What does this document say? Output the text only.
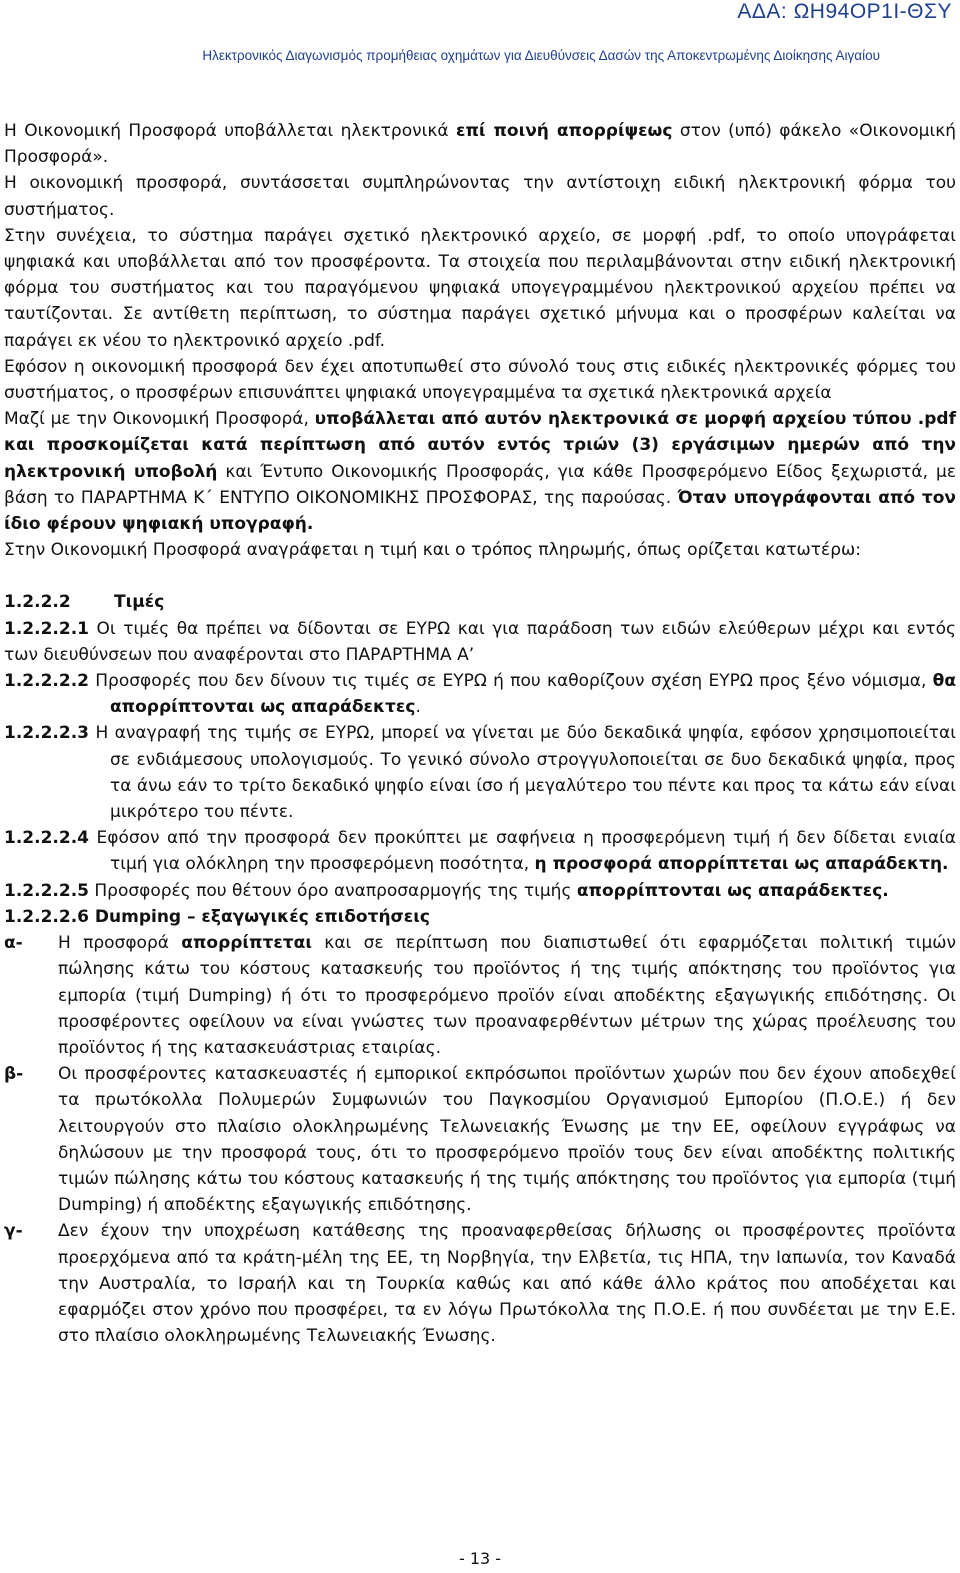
ΑΔΑ: ΩΗ94ΟΡ1Ι-ΘΣΥ
Ηλεκτρονικός Διαγωνισμός προμήθειας οχημάτων για Διευθύνσεις Δασών της Αποκεντρωμένης Διοίκησης Αιγαίου

Η Οικονομική Προσφορά υποβάλλεται ηλεκτρονικά επί ποινή απορρίψεως στον (υπό) φάκελο «Οικονομική Προσφορά».

Η οικονομική προσφορά, συντάσσεται συμπληρώνοντας την αντίστοιχη ειδική ηλεκτρονική φόρμα του συστήματος.

Στην συνέχεια, το σύστημα παράγει σχετικό ηλεκτρονικό αρχείο, σε μορφή .pdf, το οποίο υπογράφεται ψηφιακά και υποβάλλεται από τον προσφέροντα. Τα στοιχεία που περιλαμβάνονται στην ειδική ηλεκτρονική φόρμα του συστήματος και του παραγόμενου ψηφιακά υπογεγραμμένου ηλεκτρονικού αρχείου πρέπει να ταυτίζονται. Σε αντίθετη περίπτωση, το σύστημα παράγει σχετικό μήνυμα και ο προσφέρων καλείται να παράγει εκ νέου το ηλεκτρονικό αρχείο .pdf.

Εφόσον η οικονομική προσφορά δεν έχει αποτυπωθεί στο σύνολό τους στις ειδικές ηλεκτρονικές φόρμες του συστήματος, ο προσφέρων επισυνάπτει ψηφιακά υπογεγραμμένα τα σχετικά ηλεκτρονικά αρχεία

Μαζί με την Οικονομική Προσφορά, υποβάλλεται από αυτόν ηλεκτρονικά σε μορφή αρχείου τύπου .pdf και προσκομίζεται κατά περίπτωση από αυτόν εντός τριών (3) εργάσιμων ημερών από την ηλεκτρονική υποβολή και Έντυπο Οικονομικής Προσφοράς, για κάθε Προσφερόμενο Είδος ξεχωριστά, με βάση το ΠΑΡΑΡΤΗΜΑ Κ΄ ΕΝΤΥΠΟ ΟΙΚΟΝΟΜΙΚΗΣ ΠΡΟΣΦΟΡΑΣ, της παρούσας. Όταν υπογράφονται από τον ίδιο φέρουν ψηφιακή υπογραφή.

Στην Οικονομική Προσφορά αναγράφεται η τιμή και ο τρόπος πληρωμής, όπως ορίζεται κατωτέρω:

1.2.2.2	Τιμές

1.2.2.2.1 Οι τιμές θα πρέπει να δίδονται σε ΕΥΡΩ και για παράδοση των ειδών ελεύθερων μέχρι και εντός των διευθύνσεων που αναφέρονται στο ΠΑΡΑΡΤΗΜΑ Α’

1.2.2.2.2 Προσφορές που δεν δίνουν τις τιμές σε ΕΥΡΩ ή που καθορίζουν σχέση ΕΥΡΩ προς ξένο νόμισμα, θα απορρίπτονται ως απαράδεκτες.

1.2.2.2.3 Η αναγραφή της τιμής σε ΕΥΡΩ, μπορεί να γίνεται με δύο δεκαδικά ψηφία, εφόσον χρησιμοποιείται σε ενδιάμεσους υπολογισμούς. Το γενικό σύνολο στρογγυλοποιείται σε δυο δεκαδικά ψηφία, προς τα άνω εάν το τρίτο δεκαδικό ψηφίο είναι ίσο ή μεγαλύτερο του πέντε και προς τα κάτω εάν είναι μικρότερο του πέντε.

1.2.2.2.4 Εφόσον από την προσφορά δεν προκύπτει με σαφήνεια η προσφερόμενη τιμή ή δεν δίδεται ενιαία τιμή για ολόκληρη την προσφερόμενη ποσότητα, η προσφορά απορρίπτεται ως απαράδεκτη.

1.2.2.2.5 Προσφορές που θέτουν όρο αναπροσαρμογής της τιμής απορρίπτονται ως απαράδεκτες.

1.2.2.2.6 Dumping – εξαγωγικές επιδοτήσεις

α-	Η προσφορά απορρίπτεται και σε περίπτωση που διαπιστωθεί ότι εφαρμόζεται πολιτική τιμών πώλησης κάτω του κόστους κατασκευής του προϊόντος ή της τιμής απόκτησης του προϊόντος για εμπορία (τιμή Dumping) ή ότι το προσφερόμενο προϊόν είναι αποδέκτης εξαγωγικής επιδότησης. Οι προσφέροντες οφείλουν να είναι γνώστες των προαναφερθέντων μέτρων της χώρας προέλευσης του προϊόντος ή της κατασκευάστριας εταιρίας.
β-	Οι προσφέροντες κατασκευαστές ή εμπορικοί εκπρόσωποι προϊόντων χωρών που δεν έχουν αποδεχθεί τα πρωτόκολλα Πολυμερών Συμφωνιών του Παγκοσμίου Οργανισμού Εμπορίου (Π.Ο.Ε.) ή δεν λειτουργούν στο πλαίσιο ολοκληρωμένης Τελωνειακής Ένωσης με την ΕΕ, οφείλουν εγγράφως να δηλώσουν με την προσφορά τους, ότι το προσφερόμενο προϊόν τους δεν είναι αποδέκτης πολιτικής τιμών πώλησης κάτω του κόστους κατασκευής ή της τιμής απόκτησης του προϊόντος για εμπορία (τιμή Dumping) ή αποδέκτης εξαγωγικής επιδότησης.
γ-	Δεν έχουν την υποχρέωση κατάθεσης της προαναφερθείσας δήλωσης οι προσφέροντες προϊόντα προερχόμενα από τα κράτη-μέλη της ΕΕ, τη Νορβηγία, την Ελβετία, τις ΗΠΑ, την Ιαπωνία, τον Καναδά την Αυστραλία, το Ισραήλ και τη Τουρκία καθώς και από κάθε άλλο κράτος που αποδέχεται και εφαρμόζει στον χρόνο που προσφέρει, τα εν λόγω Πρωτόκολλα της Π.Ο.Ε. ή που συνδέεται με την Ε.Ε. στο πλαίσιο ολοκληρωμένης Τελωνειακής Ένωσης.
- 13 -
